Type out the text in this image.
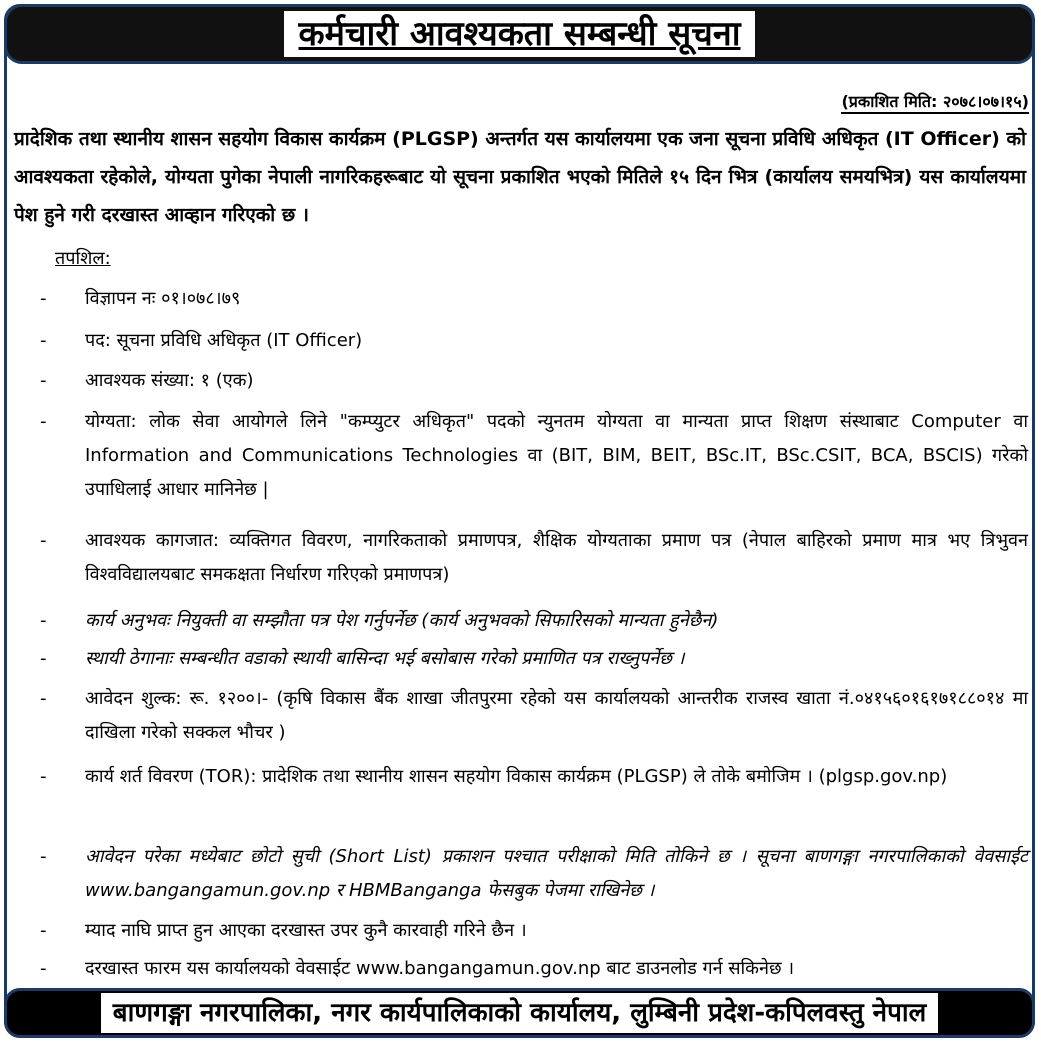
कर्मचारी आवश्यकता सम्बन्धी सूचना
(प्रकाशित मिति: २०७८।०७।१५)
प्रादेशिक तथा स्थानीय शासन सहयोग विकास कार्यक्रम (PLGSP) अन्तर्गत यस कार्यालयमा एक जना सूचना प्रविधि अधिकृत (IT Officer) को आवश्यकता रहेकोले, योग्यता पुगेका नेपाली नागरिकहरूबाट यो सूचना प्रकाशित भएको मितिले १५ दिन भित्र (कार्यालय समयभित्र) यस कार्यालयमा पेश हुने गरी दरखास्त आव्हान गरिएको छ ।
तपशिल:
- विज्ञापन नः ०१।०७८।७९
- पद: सूचना प्रविधि अधिकृत (IT Officer)
- आवश्यक संख्या: १ (एक)
- योग्यता: लोक सेवा आयोगले लिने "कम्प्युटर अधिकृत" पदको न्युनतम योग्यता वा मान्यता प्राप्त शिक्षण संस्थाबाट Computer वा Information and Communications Technologies वा (BIT, BIM, BEIT, BSc.IT, BSc.CSIT, BCA, BSCIS) गरेको उपाधिलाई आधार मानिनेछ |
- आवश्यक कागजात: व्यक्तिगत विवरण, नागरिकताको प्रमाणपत्र, शैक्षिक योग्यताका प्रमाण पत्र (नेपाल बाहिरको प्रमाण मात्र भए त्रिभुवन विश्वविद्यालयबाट समकक्षता निर्धारण गरिएको प्रमाणपत्र)
- कार्य अनुभवः नियुक्ती वा सम्झौता पत्र पेश गर्नुपर्नेछ (कार्य अनुभवको सिफारिसको मान्यता हुनेछैन)
- स्थायी ठेगानाः सम्बन्धीत वडाको स्थायी बासिन्दा भई बसोबास गरेको प्रमाणित पत्र राख्नुपर्नेछ ।
- आवेदन शुल्क: रू. १२००।- (कृषि विकास बैंक शाखा जीतपुरमा रहेको यस कार्यालयको आन्तरीक राजस्व खाता नं.०४१५६०१६१७१८८०१४ मा दाखिला गरेको सक्कल भौचर )
- कार्य शर्त विवरण (TOR): प्रादेशिक तथा स्थानीय शासन सहयोग विकास कार्यक्रम (PLGSP) ले तोके बमोजिम । (plgsp.gov.np)
- आवेदन परेका मध्येबाट छोटो सुची (Short List) प्रकाशन पश्चात परीक्षाको मिति तोकिने छ । सूचना बाणगङ्गा नगरपालिकाको वेवसाईट www.bangangamun.gov.np र HBMBanganga फेसबुक पेजमा राखिनेछ ।
- म्याद नाघि प्राप्त हुन आएका दरखास्त उपर कुनै कारवाही गरिने छैन ।
- दरखास्त फारम यस कार्यालयको वेवसाईट www.bangangamun.gov.np बाट डाउनलोड गर्न सकिनेछ ।
बाणगङ्गा नगरपालिका, नगर कार्यपालिकाको कार्यालय, लुम्बिनी प्रदेश-कपिलवस्तु नेपाल
